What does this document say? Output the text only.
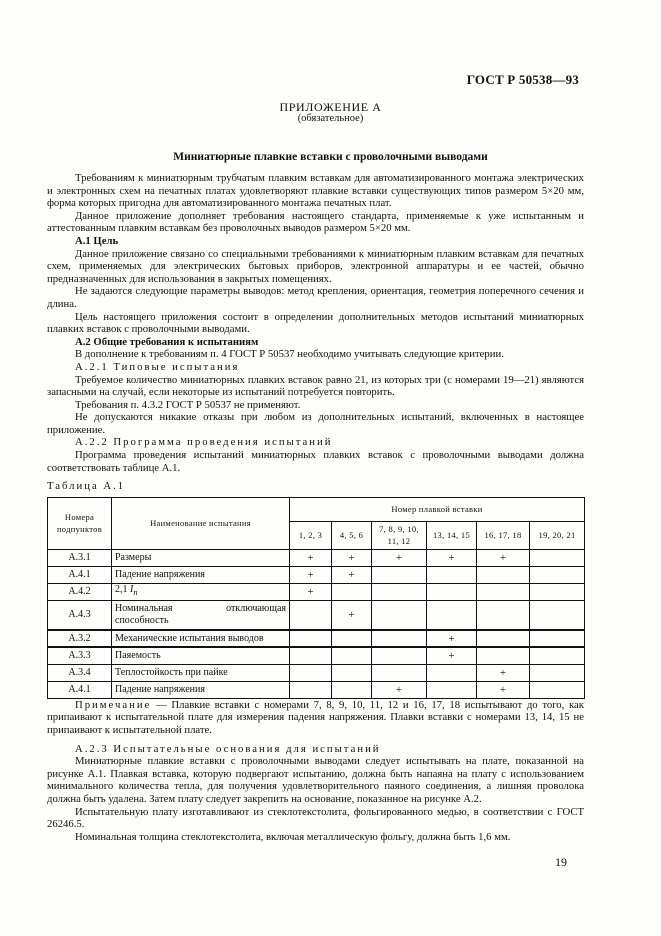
ГОСТ Р 50538—93
ПРИЛОЖЕНИЕ А
(обязательное)
Миниатюрные плавкие вставки с проволочными выводами

Требованиям к миниатюрным трубчатым плавким вставкам для автоматизированного монтажа электрических и электронных схем на печатных платах удовлетворяют плавкие вставки существующих типов размером 5×20 мм, форма которых пригодна для автоматизированного монтажа печатных плат.

Данное приложение дополняет требования настоящего стандарта, применяемые к уже испытанным и аттестованным плавким вставкам без проволочных выводов размером 5×20 мм.

А.1 Цель

Данное приложение связано со специальными требованиями к миниатюрным плавким вставкам для печатных схем, применяемых для электрических бытовых приборов, электронной аппаратуры и ее частей, обычно предназначенных для использования в закрытых помещениях.

Не задаются следующие параметры выводов: метод крепления, ориентация, геометрия поперечного сечения и длина.

Цель настоящего приложения состоит в определении дополнительных методов испытаний миниатюрных плавких вставок с проволочными выводами.

А.2 Общие требования к испытаниям

В дополнение к требованиям п. 4 ГОСТ Р 50537 необходимо учитывать следующие критерии.

А.2.1 Типовые испытания

Требуемое количество миниатюрных плавких вставок равно 21, из которых три (с номерами 19—21) являются запасными на случай, если некоторые из испытаний потребуется повторить.

Требования п. 4.3.2 ГОСТ Р 50537 не применяют.

Не допускаются никакие отказы при любом из дополнительных испытаний, включенных в настоящее приложение.

А.2.2 Программа проведения испытаний

Программа проведения испытаний миниатюрных плавких вставок с проволочными выводами должна соответствовать таблице А.1.

Таблица А.1
Номера подпунктов	Наименование испытания	Номер плавкой вставки					
		1, 2, 3	4, 5, 6	7, 8, 9, 10, 11, 12	13, 14, 15	16, 17, 18	19, 20, 21
А.3.1	Размеры	+	+	+	+	+	
А.4.1	Падение напряжения	+	+				
А.4.2	2,1 $I_n$	+					
А.4.3	Номинальная отключающая способность		+				
А.3.2	Механические испытания выводов				+		
А.3.3	Паяемость				+		
А.3.4	Теплостойкость при пайке					+	
А.4.1	Падение напряжения			+		+	

Примечание — Плавкие вставки с номерами 7, 8, 9, 10, 11, 12 и 16, 17, 18 испытывают до того, как припаивают к испытательной плате для измерения падения напряжения. Плавки вставки с номерами 13, 14, 15 не припаивают к испытательной плате.

А.2.3 Испытательные основания для испытаний

Миниатюрные плавкие вставки с проволочными выводами следует испытывать на плате, показанной на рисунке А.1. Плавкая вставка, которую подвергают испытанию, должна быть напаяна на плату с использованием минимального количества тепла, для получения удовлетворительного паяного соединения, а лишняя проволока должна быть удалена. Затем плату следует закрепить на основание, показанное на рисунке А.2.

Испытательную плату изготавливают из стеклотекстолита, фольгированного медью, в соответствии с ГОСТ 26246.5.

Номинальная толщина стеклотекстолита, включая металлическую фольгу, должна быть 1,6 мм.

19
